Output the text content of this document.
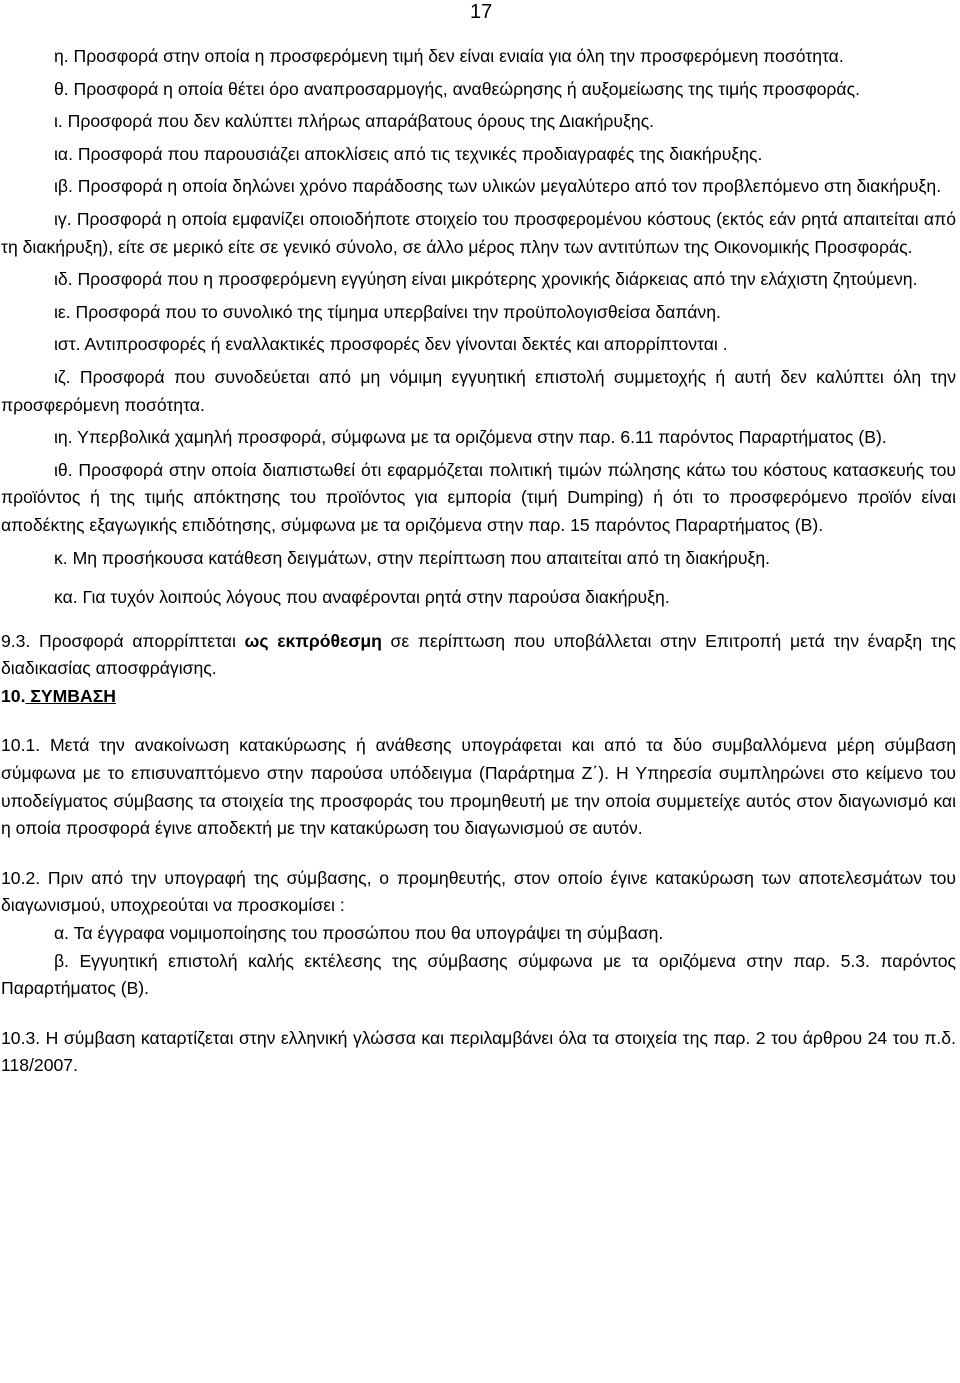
17

η. Προσφορά στην οποία η προσφερόμενη τιμή δεν είναι ενιαία για όλη την προσφερόμενη ποσότητα.

θ. Προσφορά η οποία θέτει όρο αναπροσαρμογής, αναθεώρησης ή αυξομείωσης της τιμής προσφοράς.

ι. Προσφορά που δεν καλύπτει πλήρως απαράβατους όρους της Διακήρυξης.

ια. Προσφορά που παρουσιάζει αποκλίσεις από τις τεχνικές προδιαγραφές της διακήρυξης.

ιβ. Προσφορά η οποία δηλώνει χρόνο παράδοσης των υλικών μεγαλύτερο από τον προβλεπόμενο στη διακήρυξη.

ιγ. Προσφορά η οποία εμφανίζει οποιοδήποτε στοιχείο του προσφερομένου κόστους (εκτός εάν ρητά απαιτείται από τη διακήρυξη), είτε σε μερικό είτε σε γενικό σύνολο, σε άλλο μέρος πλην των αντιτύπων της Οικονομικής Προσφοράς.

ιδ. Προσφορά που η προσφερόμενη εγγύηση είναι μικρότερης χρονικής διάρκειας από την ελάχιστη ζητούμενη.

ιε. Προσφορά που το συνολικό της τίμημα υπερβαίνει την προϋπολογισθείσα δαπάνη.

ιστ. Αντιπροσφορές ή εναλλακτικές προσφορές δεν γίνονται δεκτές και απορρίπτονται .

ιζ. Προσφορά που συνοδεύεται από μη νόμιμη εγγυητική επιστολή συμμετοχής ή αυτή δεν καλύπτει όλη την προσφερόμενη ποσότητα.

ιη. Υπερβολικά χαμηλή προσφορά, σύμφωνα με τα οριζόμενα στην παρ. 6.11 παρόντος Παραρτήματος (Β).

ιθ. Προσφορά στην οποία διαπιστωθεί ότι εφαρμόζεται πολιτική τιμών πώλησης κάτω του κόστους κατασκευής του προϊόντος ή της τιμής απόκτησης του προϊόντος για εμπορία (τιμή Dumping) ή ότι το προσφερόμενο προϊόν είναι αποδέκτης εξαγωγικής επιδότησης, σύμφωνα με τα οριζόμενα στην παρ. 15 παρόντος Παραρτήματος (Β).

κ. Μη προσήκουσα κατάθεση δειγμάτων, στην περίπτωση που απαιτείται από τη διακήρυξη.

κα. Για τυχόν λοιπούς λόγους που αναφέρονται ρητά στην παρούσα διακήρυξη.

9.3. Προσφορά απορρίπτεται ως εκπρόθεσμη σε περίπτωση που υποβάλλεται στην Επιτροπή μετά την έναρξη της διαδικασίας αποσφράγισης.

10. ΣΥΜΒΑΣΗ

10.1. Μετά την ανακοίνωση κατακύρωσης ή ανάθεσης υπογράφεται και από τα δύο συμβαλλόμενα μέρη σύμβαση σύμφωνα με το επισυναπτόμενο στην παρούσα υπόδειγμα (Παράρτημα Ζ΄). Η Υπηρεσία συμπληρώνει στο κείμενο του υποδείγματος σύμβασης τα στοιχεία της προσφοράς του προμηθευτή με την οποία συμμετείχε αυτός στον διαγωνισμό και η οποία προσφορά έγινε αποδεκτή με την κατακύρωση του διαγωνισμού σε αυτόν.

10.2. Πριν από την υπογραφή της σύμβασης, ο προμηθευτής, στον οποίο έγινε κατακύρωση των αποτελεσμάτων του διαγωνισμού, υποχρεούται να προσκομίσει :

α. Τα έγγραφα νομιμοποίησης του προσώπου που θα υπογράψει τη σύμβαση.

β. Εγγυητική επιστολή καλής εκτέλεσης της σύμβασης σύμφωνα με τα οριζόμενα στην παρ. 5.3. παρόντος Παραρτήματος (Β).

10.3. Η σύμβαση καταρτίζεται στην ελληνική γλώσσα και περιλαμβάνει όλα τα στοιχεία της παρ. 2 του άρθρου 24 του π.δ. 118/2007.
